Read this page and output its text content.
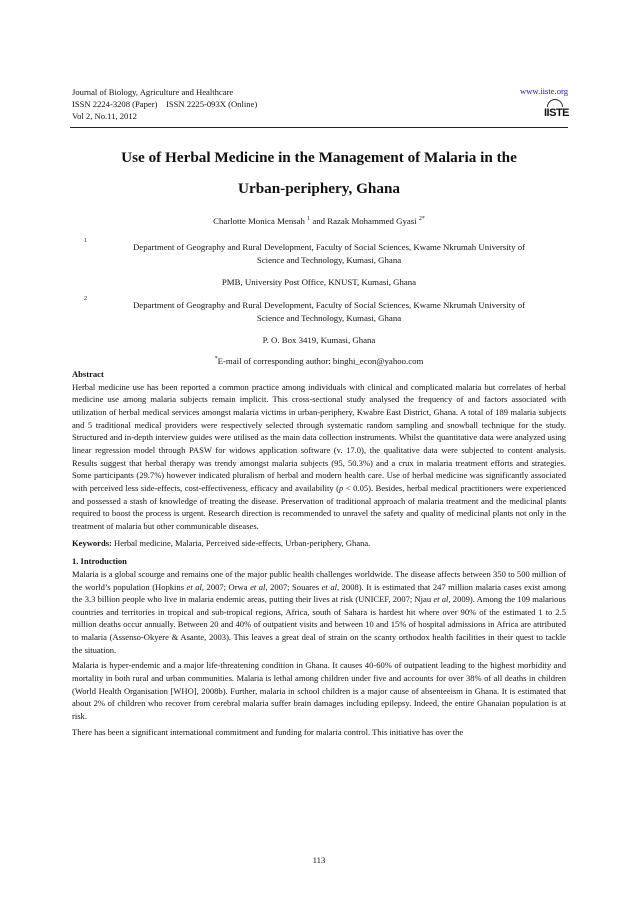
Journal of Biology, Agriculture and Healthcare
ISSN 2224-3208 (Paper)    ISSN 2225-093X (Online)
Vol 2, No.11, 2012
www.iiste.org
IISTE
Use of Herbal Medicine in the Management of Malaria in the
Urban-periphery, Ghana
Charlotte Monica Mensah $^1$ and Razak Mohammed Gyasi $^{2*}$
$^1$
Department of Geography and Rural Development, Faculty of Social Sciences, Kwame Nkrumah University of
Science and Technology, Kumasi, Ghana
PMB, University Post Office, KNUST, Kumasi, Ghana
$^2$
Department of Geography and Rural Development, Faculty of Social Sciences, Kwame Nkrumah University of
Science and Technology, Kumasi, Ghana
P. O. Box 3419, Kumasi, Ghana
*E-mail of corresponding author: binghi_econ@yahoo.com
Abstract
Herbal medicine use has been reported a common practice among individuals with clinical and complicated malaria but correlates of herbal medicine use among malaria subjects remain implicit. This cross-sectional study analysed the frequency of and factors associated with utilization of herbal medical services amongst malaria victims in urban-periphery, Kwabre East District, Ghana. A total of 189 malaria subjects and 5 traditional medical providers were respectively selected through systematic random sampling and snowball technique for the study. Structured and in-depth interview guides were utilised as the main data collection instruments. Whilst the quantitative data were analyzed using linear regression model through PASW for widows application software (v. 17.0), the qualitative data were subjected to content analysis. Results suggest that herbal therapy was trendy amongst malaria subjects (95, 50.3%) and a crux in malaria treatment efforts and strategies. Some participants (29.7%) however indicated pluralism of herbal and modern health care. Use of herbal medicine was significantly associated with perceived less side-effects, cost-effectiveness, efficacy and availability (p < 0.05). Besides, herbal medical practitioners were experienced and possessed a stash of knowledge of treating the disease. Preservation of traditional approach of malaria treatment and the medicinal plants required to boost the process is urgent. Research direction is recommended to unravel the safety and quality of medicinal plants not only in the treatment of malaria but other communicable diseases.
Keywords: Herbal medicine, Malaria, Perceived side-effects, Urban-periphery, Ghana.
1. Introduction
Malaria is a global scourge and remains one of the major public health challenges worldwide. The disease affects between 350 to 500 million of the world’s population (Hopkins et al, 2007; Orwa et al, 2007; Souares et al, 2008). It is estimated that 247 million malaria cases exist among the 3.3 billion people who live in malaria endemic areas, putting their lives at risk (UNICEF, 2007; Njau et al, 2009). Among the 109 malarious countries and territories in tropical and sub-tropical regions, Africa, south of Sahara is hardest hit where over 90% of the estimated 1 to 2.5 million deaths occur annually. Between 20 and 40% of outpatient visits and between 10 and 15% of hospital admissions in Africa are attributed to malaria (Assenso-Okyere & Asante, 2003). This leaves a great deal of strain on the scanty orthodox health facilities in their quest to tackle the situation.
Malaria is hyper-endemic and a major life-threatening condition in Ghana. It causes 40-60% of outpatient leading to the highest morbidity and mortality in both rural and urban communities. Malaria is lethal among children under five and accounts for over 38% of all deaths in children (World Health Organisation [WHO], 2008b). Further, malaria in school children is a major cause of absenteeism in Ghana. It is estimated that about 2% of children who recover from cerebral malaria suffer brain damages including epilepsy. Indeed, the entire Ghanaian population is at risk.
There has been a significant international commitment and funding for malaria control. This initiative has over the
113
